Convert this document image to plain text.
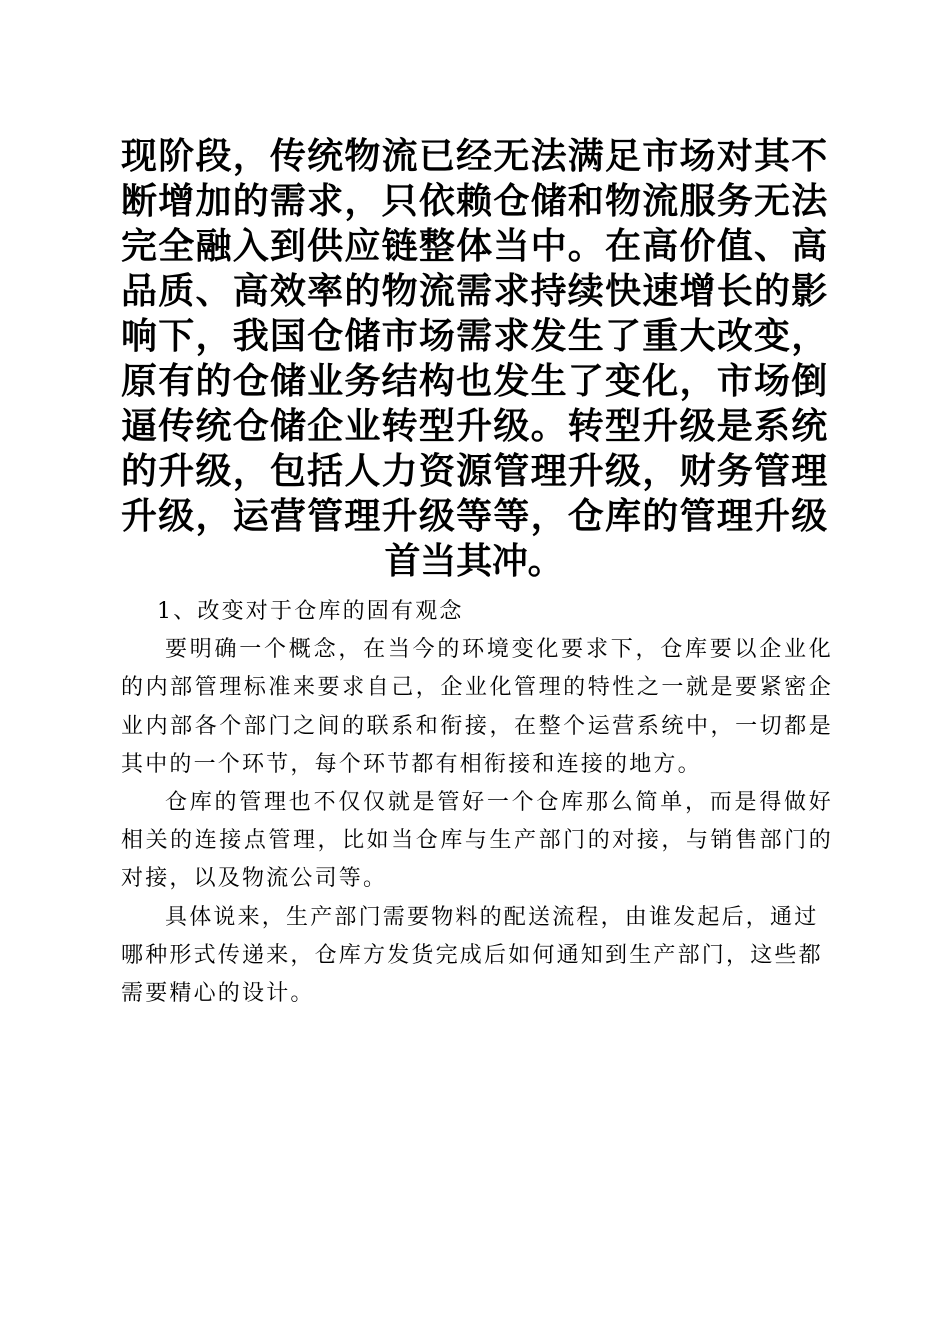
现阶段，传统物流已经无法满足市场对其不断增加的需求，只依赖仓储和物流服务无法完全融入到供应链整体当中。在高价值、高品质、高效率的物流需求持续快速增长的影响下，我国仓储市场需求发生了重大改变，原有的仓储业务结构也发生了变化，市场倒逼传统仓储企业转型升级。转型升级是系统的升级，包括人力资源管理升级，财务管理升级，运营管理升级等等，仓库的管理升级首当其冲。

1、改变对于仓库的固有观念

要明确一个概念，在当今的环境变化要求下，仓库要以企业化的内部管理标准来要求自己，企业化管理的特性之一就是要紧密企业内部各个部门之间的联系和衔接，在整个运营系统中，一切都是其中的一个环节，每个环节都有相衔接和连接的地方。

仓库的管理也不仅仅就是管好一个仓库那么简单，而是得做好相关的连接点管理，比如当仓库与生产部门的对接，与销售部门的对接，以及物流公司等。

具体说来，生产部门需要物料的配送流程，由谁发起后，通过哪种形式传递来，仓库方发货完成后如何通知到生产部门，这些都需要精心的设计。
